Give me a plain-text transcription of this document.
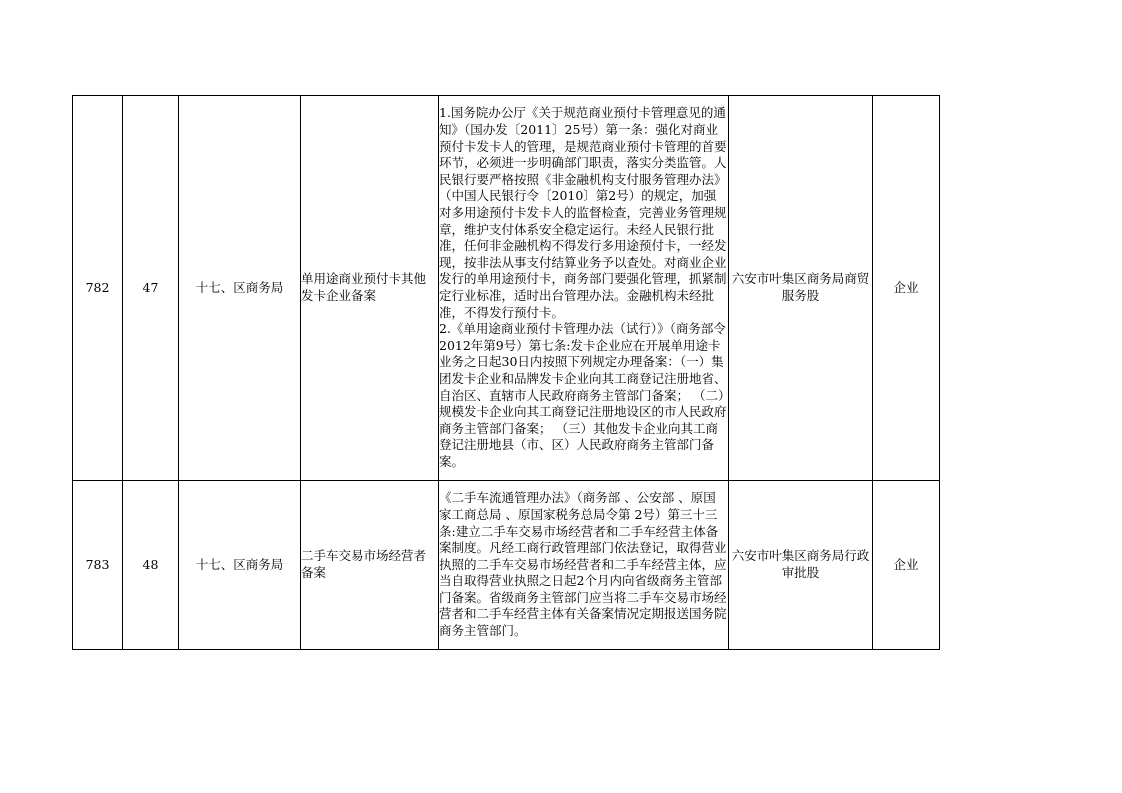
782	47	十七、区商务局	单用途商业预付卡其他发卡企业备案	1.国务院办公厅《关于规范商业预付卡管理意见的通知》（国办发〔2011〕25号）第一条：强化对商业预付卡发卡人的管理，是规范商业预付卡管理的首要环节，必须进一步明确部门职责，落实分类监管。人民银行要严格按照《非金融机构支付服务管理办法》（中国人民银行令〔2010〕第2号）的规定，加强对多用途预付卡发卡人的监督检查，完善业务管理规章，维护支付体系安全稳定运行。未经人民银行批准，任何非金融机构不得发行多用途预付卡，一经发现，按非法从事支付结算业务予以查处。对商业企业发行的单用途预付卡，商务部门要强化管理，抓紧制定行业标准，适时出台管理办法。金融机构未经批准，不得发行预付卡。
2.《单用途商业预付卡管理办法（试行）》（商务部令2012年第9号）第七条:发卡企业应在开展单用途卡业务之日起30日内按照下列规定办理备案：（一）集团发卡企业和品牌发卡企业向其工商登记注册地省、自治区、直辖市人民政府商务主管部门备案； （二）规模发卡企业向其工商登记注册地设区的市人民政府商务主管部门备案； （三）其他发卡企业向其工商登记注册地县（市、区）人民政府商务主管部门备案。	六安市叶集区商务局商贸服务股	企业
783	48	十七、区商务局	二手车交易市场经营者备案	《二手车流通管理办法》（商务部 、公安部 、原国家工商总局 、原国家税务总局令第 2号）第三十三条:建立二手车交易市场经营者和二手车经营主体备案制度。凡经工商行政管理部门依法登记，取得营业执照的二手车交易市场经营者和二手车经营主体，应当自取得营业执照之日起2个月内向省级商务主管部门备案。省级商务主管部门应当将二手车交易市场经营者和二手车经营主体有关备案情况定期报送国务院商务主管部门。	六安市叶集区商务局行政审批股	企业
